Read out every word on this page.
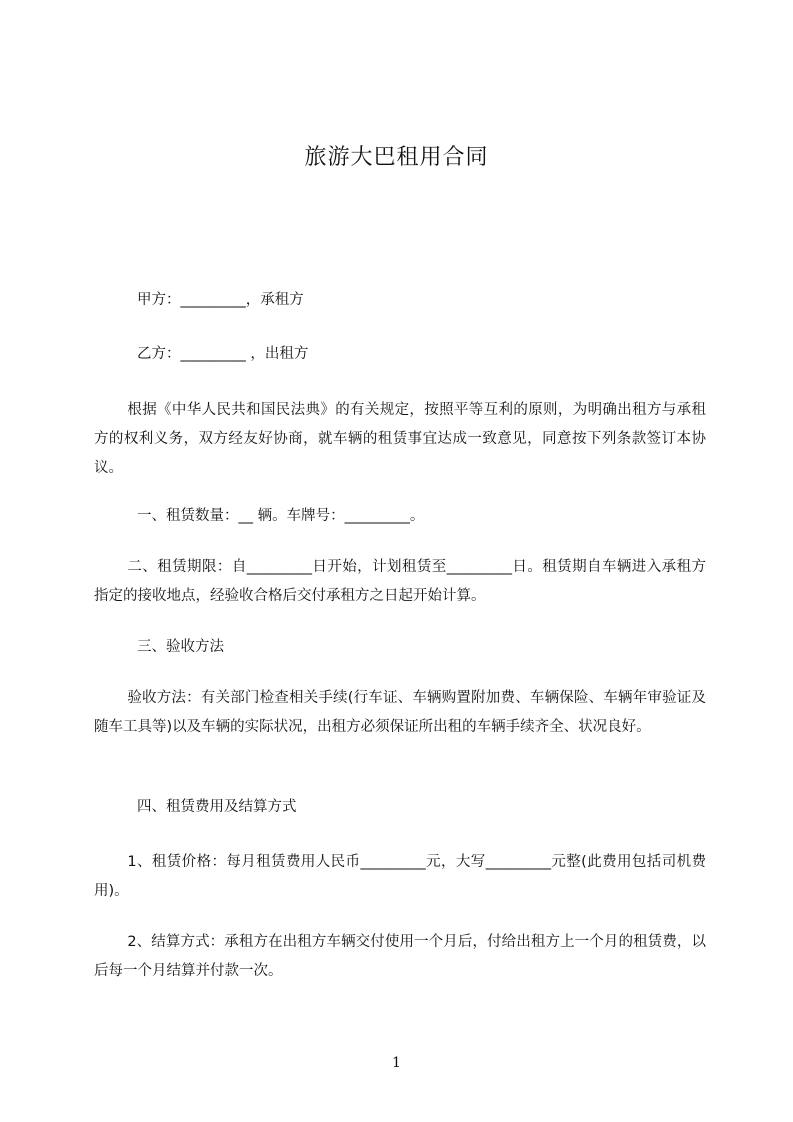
旅游大巴租用合同

甲方：_________，承租方

乙方：_________ ，出租方

根据《中华人民共和国民法典》的有关规定，按照平等互利的原则，为明确出租方与承租方的权利义务，双方经友好协商，就车辆的租赁事宜达成一致意见，同意按下列条款签订本协议。

一、租赁数量：__ 辆。车牌号：_________。

二、租赁期限：自_________日开始，计划租赁至_________日。租赁期自车辆进入承租方指定的接收地点，经验收合格后交付承租方之日起开始计算。

三、验收方法

验收方法：有关部门检查相关手续(行车证、车辆购置附加费、车辆保险、车辆年审验证及随车工具等)以及车辆的实际状况，出租方必须保证所出租的车辆手续齐全、状况良好。

四、租赁费用及结算方式

1、租赁价格：每月租赁费用人民币_________元，大写_________元整(此费用包括司机费用)。

2、结算方式：承租方在出租方车辆交付使用一个月后，付给出租方上一个月的租赁费，以后每一个月结算并付款一次。

1
